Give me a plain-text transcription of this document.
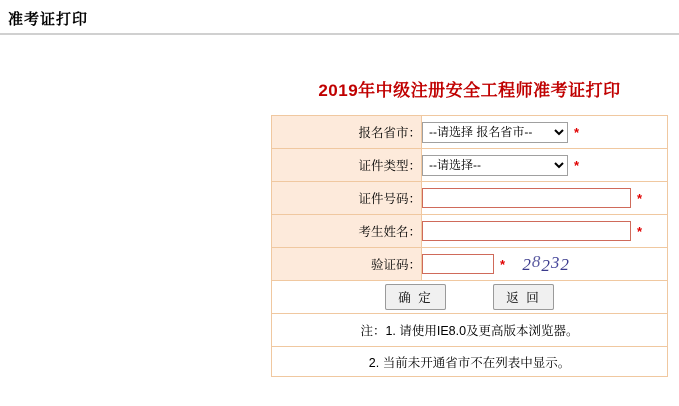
准考证打印
2019年中级注册安全工程师准考证打印
报名省市：	
--请选择 报名省市--*

证件类型：	
--请选择--*

证件号码：	*

考生姓名：	*

验证码：	* 2 8 2 3 2

确 定 返 回	
注：1. 请使用IE8.0及更高版本浏览器。	
2. 当前未开通省市不在列表中显示。	
